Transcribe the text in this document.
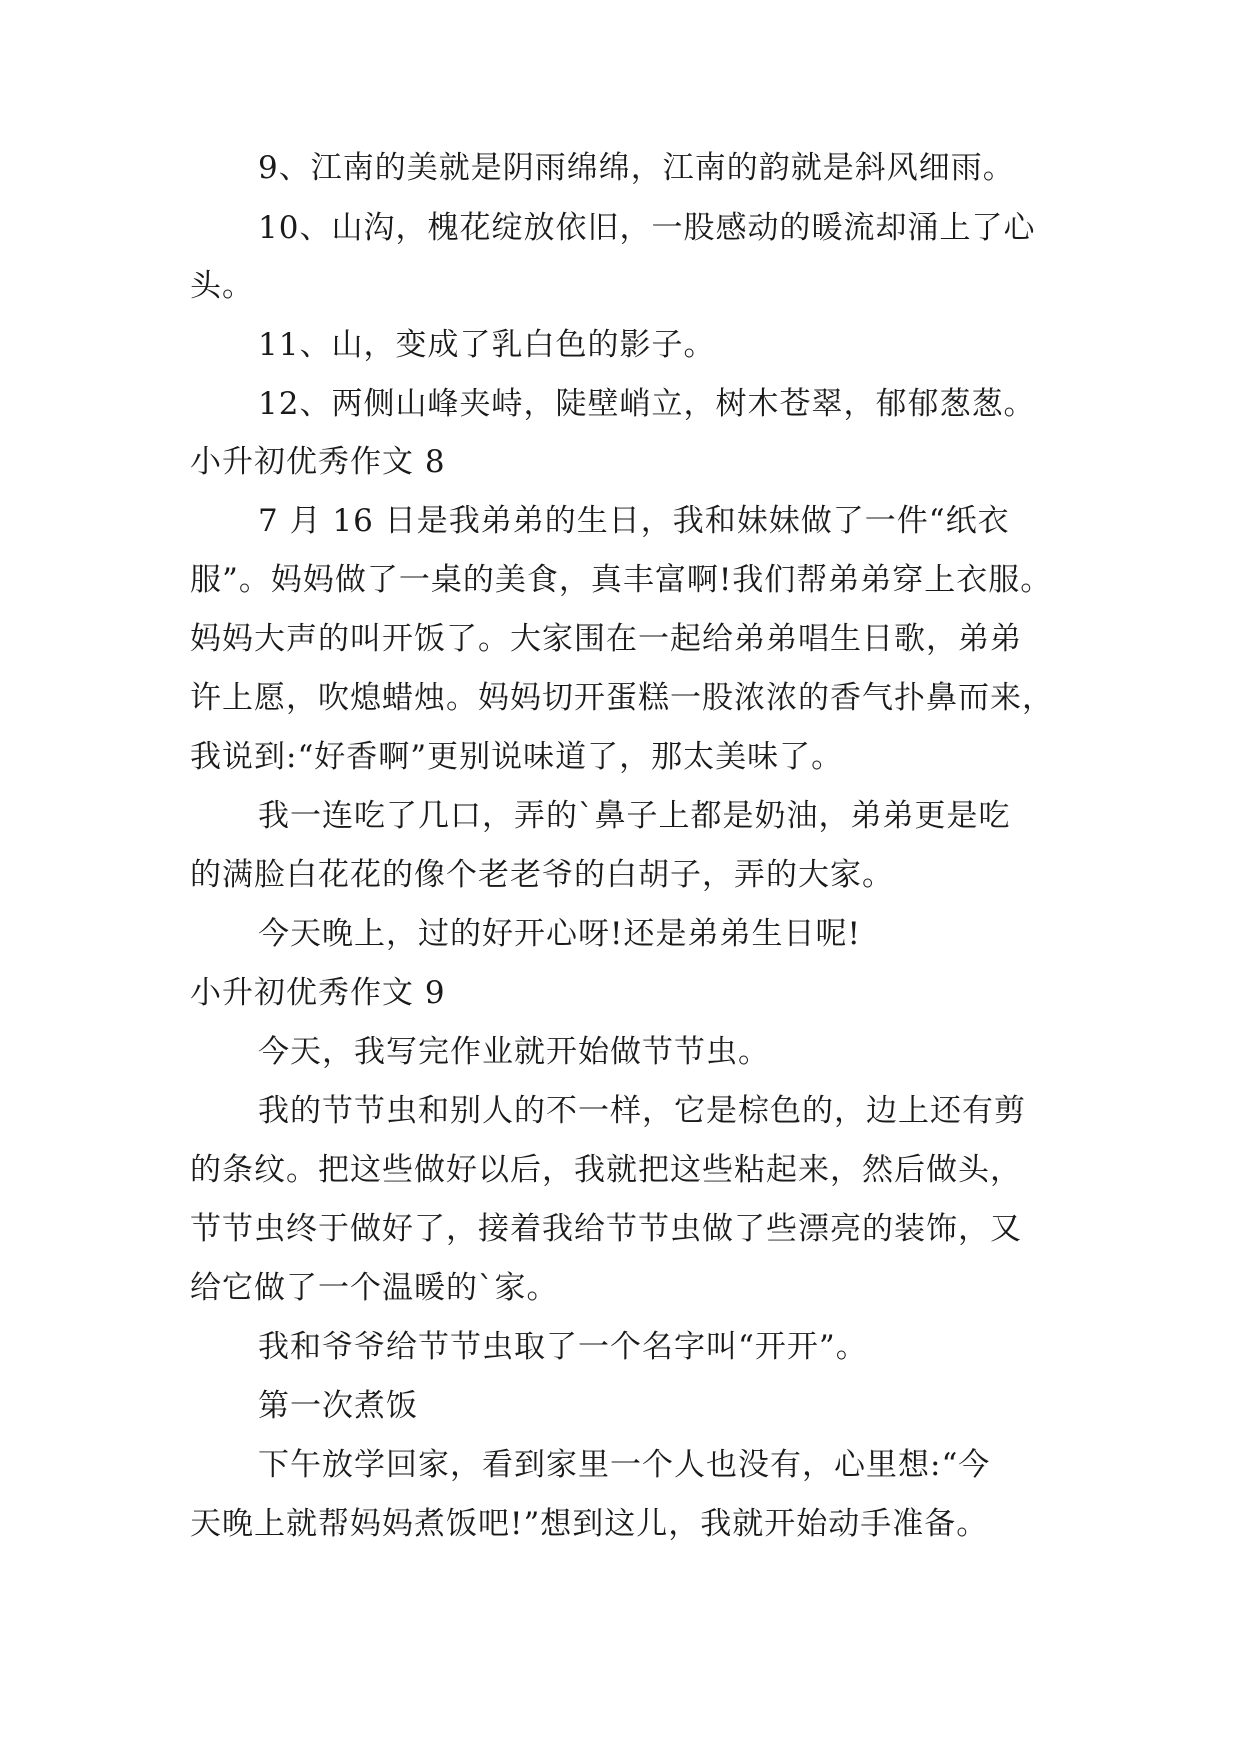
9、江南的美就是阴雨绵绵，江南的韵就是斜风细雨。
10、山沟，槐花绽放依旧，一股感动的暖流却涌上了心
头。
11、山，变成了乳白色的影子。
12、两侧山峰夹峙，陡壁峭立，树木苍翠，郁郁葱葱。
小升初优秀作文 8
7 月 16 日是我弟弟的生日，我和妹妹做了一件“纸衣
服”。妈妈做了一桌的美食，真丰富啊!我们帮弟弟穿上衣服。
妈妈大声的叫开饭了。大家围在一起给弟弟唱生日歌，弟弟
许上愿，吹熄蜡烛。妈妈切开蛋糕一股浓浓的香气扑鼻而来，
我说到:“好香啊”更别说味道了，那太美味了。
我一连吃了几口，弄的`鼻子上都是奶油，弟弟更是吃
的满脸白花花的像个老老爷的白胡子，弄的大家。
今天晚上，过的好开心呀!还是弟弟生日呢!
小升初优秀作文 9
今天，我写完作业就开始做节节虫。
我的节节虫和别人的不一样，它是棕色的，边上还有剪
的条纹。把这些做好以后，我就把这些粘起来，然后做头，
节节虫终于做好了，接着我给节节虫做了些漂亮的装饰，又
给它做了一个温暖的`家。
我和爷爷给节节虫取了一个名字叫“开开”。
第一次煮饭
下午放学回家，看到家里一个人也没有，心里想:“今
天晚上就帮妈妈煮饭吧!”想到这儿，我就开始动手准备。
